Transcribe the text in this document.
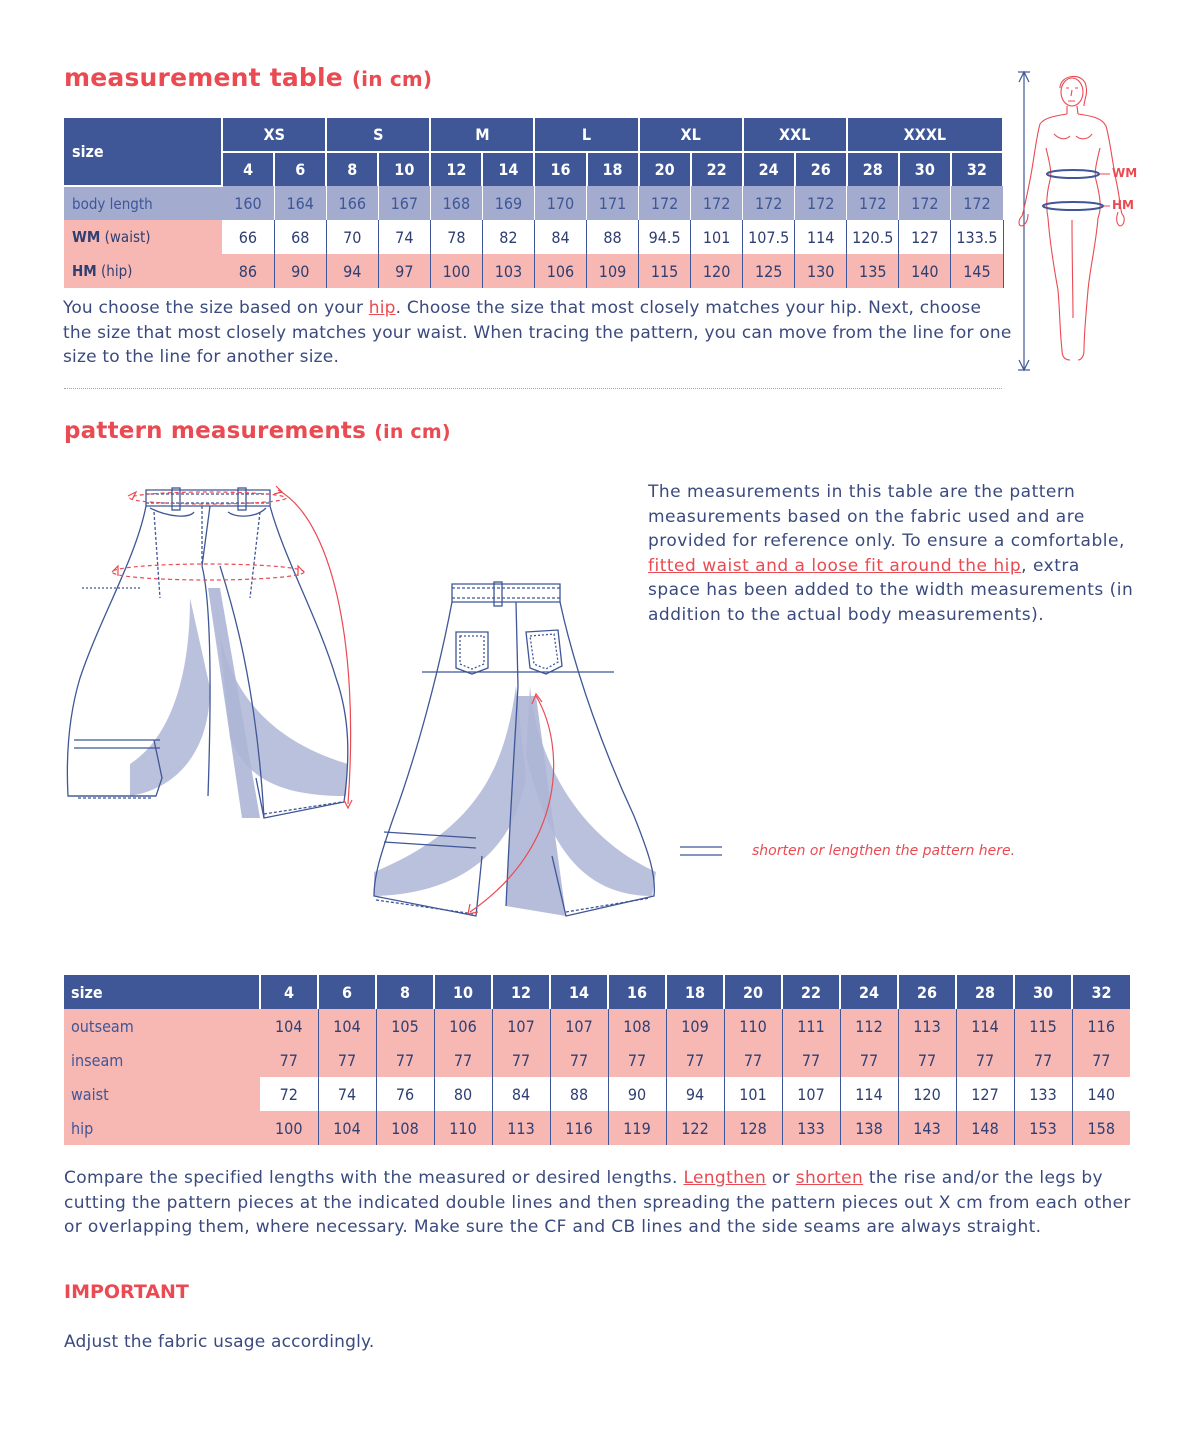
measurement table (in cm)
size	XS		S		M		L		XL		XXL		XXXL		
	4	6	8	10	12	14	16	18	20	22	24	26	28	30	32
body length	160	164	166	167	168	169	170	171	172	172	172	172	172	172	172
WM (waist)	66	68	70	74	78	82	84	88	94.5	101	107.5	114	120.5	127	133.5
HM (hip)	86	90	94	97	100	103	106	109	115	120	125	130	135	140	145
You choose the size based on your hip. Choose the size that most closely matches your hip. Next, choose the size that most closely matches your waist. When tracing the pattern, you can move from the line for one size to the line for another size.
WM
HM
pattern measurements (in cm)
The measurements in this table are the pattern measurements based on the fabric used and are provided for reference only. To ensure a comfortable, fitted waist and a loose fit around the hip, extra space has been added to the width measurements (in addition to the actual body measurements).
shorten or lengthen the pattern here.
size	4	6	8	10	12	14	16	18	20	22	24	26	28	30	32
outseam	104	104	105	106	107	107	108	109	110	111	112	113	114	115	116
inseam	77	77	77	77	77	77	77	77	77	77	77	77	77	77	77
waist	72	74	76	80	84	88	90	94	101	107	114	120	127	133	140
hip	100	104	108	110	113	116	119	122	128	133	138	143	148	153	158
Compare the specified lengths with the measured or desired lengths. Lengthen or shorten the rise and/or the legs by cutting the pattern pieces at the indicated double lines and then spreading the pattern pieces out X cm from each other or overlapping them, where necessary. Make sure the CF and CB lines and the side seams are always straight.
IMPORTANT
Adjust the fabric usage accordingly.
